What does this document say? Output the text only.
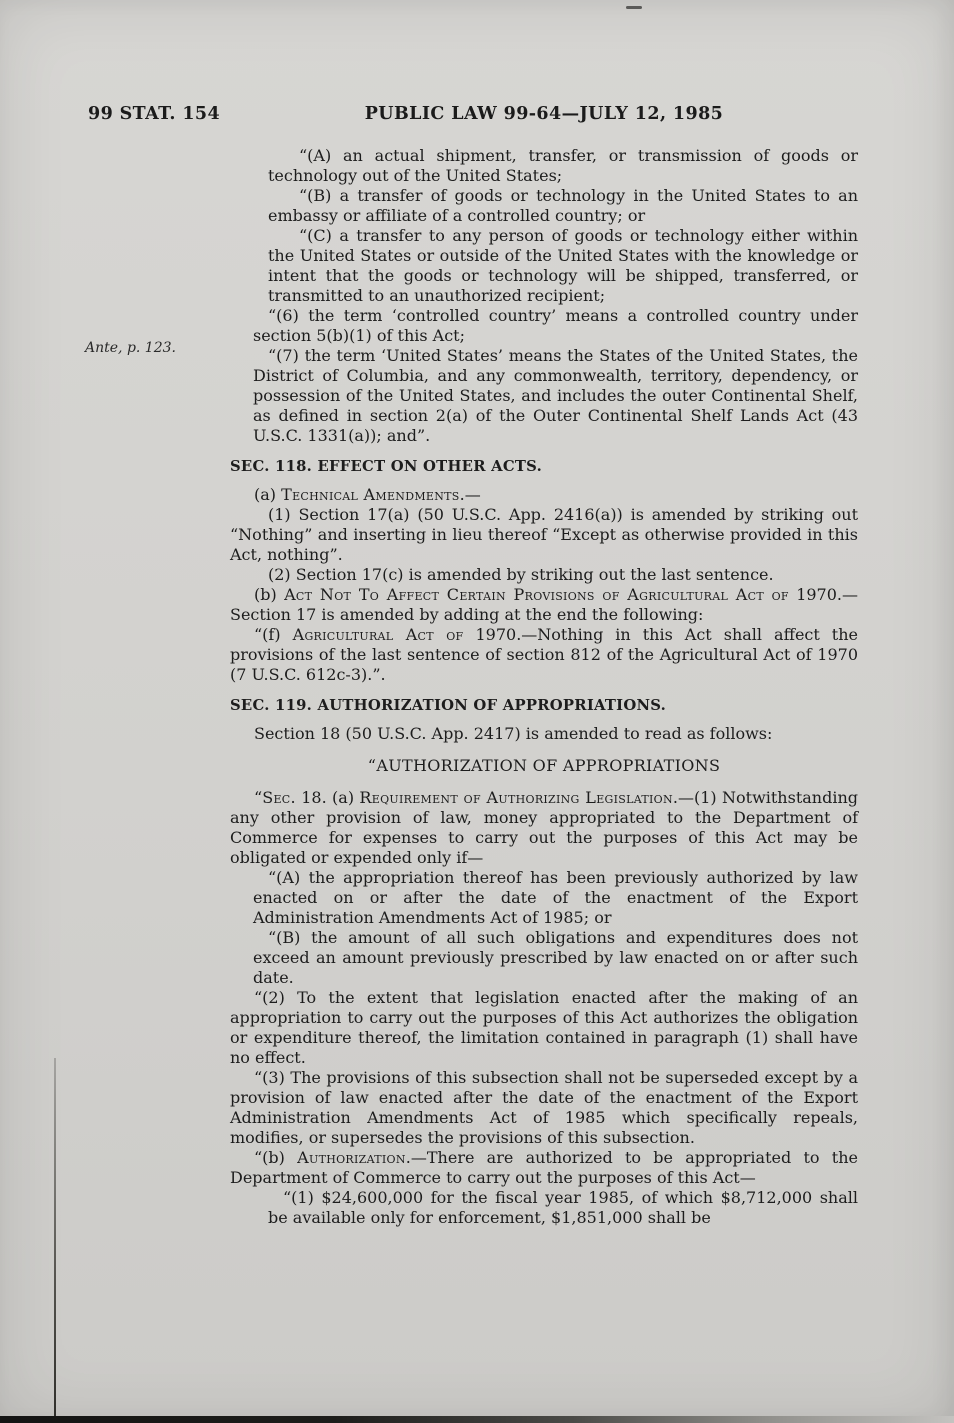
99 STAT. 154	PUBLIC LAW 99-64—JULY 12, 1985
Ante, p. 123.

“(A) an actual shipment, transfer, or transmission of goods or technology out of the United States;

“(B) a transfer of goods or technology in the United States to an embassy or affiliate of a controlled country; or

“(C) a transfer to any person of goods or technology either within the United States or outside of the United States with the knowledge or intent that the goods or technology will be shipped, transferred, or transmitted to an unauthorized recipient;

“(6) the term ‘controlled country’ means a controlled country under section 5(b)(1) of this Act;

“(7) the term ‘United States’ means the States of the United States, the District of Columbia, and any commonwealth, territory, dependency, or possession of the United States, and includes the outer Continental Shelf, as defined in section 2(a) of the Outer Continental Shelf Lands Act (43 U.S.C. 1331(a)); and”.

SEC. 118. EFFECT ON OTHER ACTS.

(a) Technical Amendments.—

(1) Section 17(a) (50 U.S.C. App. 2416(a)) is amended by striking out “Nothing” and inserting in lieu thereof “Except as otherwise provided in this Act, nothing”.

(2) Section 17(c) is amended by striking out the last sentence.

(b) Act Not To Affect Certain Provisions of Agricultural Act of 1970.—Section 17 is amended by adding at the end the following:

“(f) Agricultural Act of 1970.—Nothing in this Act shall affect the provisions of the last sentence of section 812 of the Agricultural Act of 1970 (7 U.S.C. 612c-3).”.

SEC. 119. AUTHORIZATION OF APPROPRIATIONS.

Section 18 (50 U.S.C. App. 2417) is amended to read as follows:

“AUTHORIZATION OF APPROPRIATIONS

“Sec. 18. (a) Requirement of Authorizing Legislation.—(1) Notwithstanding any other provision of law, money appropriated to the Department of Commerce for expenses to carry out the purposes of this Act may be obligated or expended only if—

“(A) the appropriation thereof has been previously authorized by law enacted on or after the date of the enactment of the Export Administration Amendments Act of 1985; or

“(B) the amount of all such obligations and expenditures does not exceed an amount previously prescribed by law enacted on or after such date.

“(2) To the extent that legislation enacted after the making of an appropriation to carry out the purposes of this Act authorizes the obligation or expenditure thereof, the limitation contained in paragraph (1) shall have no effect.

“(3) The provisions of this subsection shall not be superseded except by a provision of law enacted after the date of the enactment of the Export Administration Amendments Act of 1985 which specifically repeals, modifies, or supersedes the provisions of this subsection.

“(b) Authorization.—There are authorized to be appropriated to the Department of Commerce to carry out the purposes of this Act—

“(1) $24,600,000 for the fiscal year 1985, of which $8,712,000 shall be available only for enforcement, $1,851,000 shall be
